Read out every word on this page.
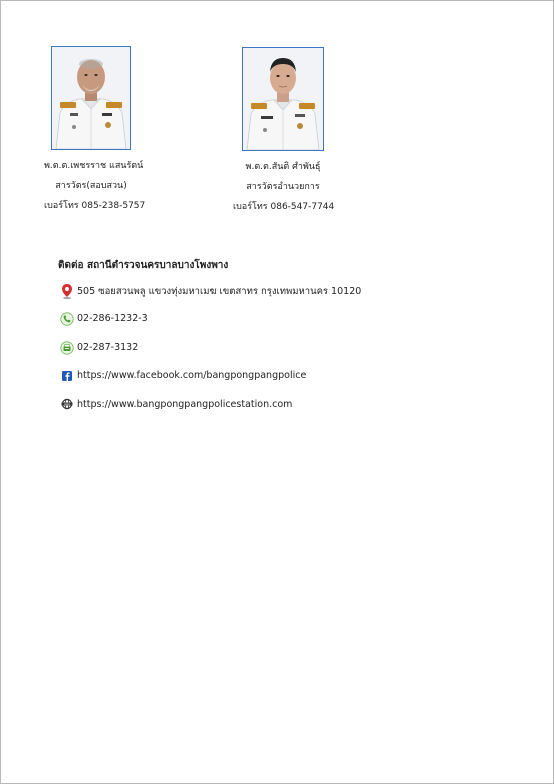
พ.ต.ต.เพชรราช แสนรัตน์
สารวัตร(สอบสวน)
เบอร์โทร 085-238-5757
พ.ต.ต.สันติ ศำพันธุ์
สารวัตรอำนวยการ
เบอร์โทร 086-547-7744
ติดต่อ สถานีตำรวจนครบาลบางโพงพาง
505 ซอยสวนพลู แขวงทุ่งมหาเมฆ เขตสาทร กรุงเทพมหานคร 10120
02-286-1232-3
02-287-3132
https://www.facebook.com/bangpongpangpolice
www https://www.bangpongpangpolicestation.com
